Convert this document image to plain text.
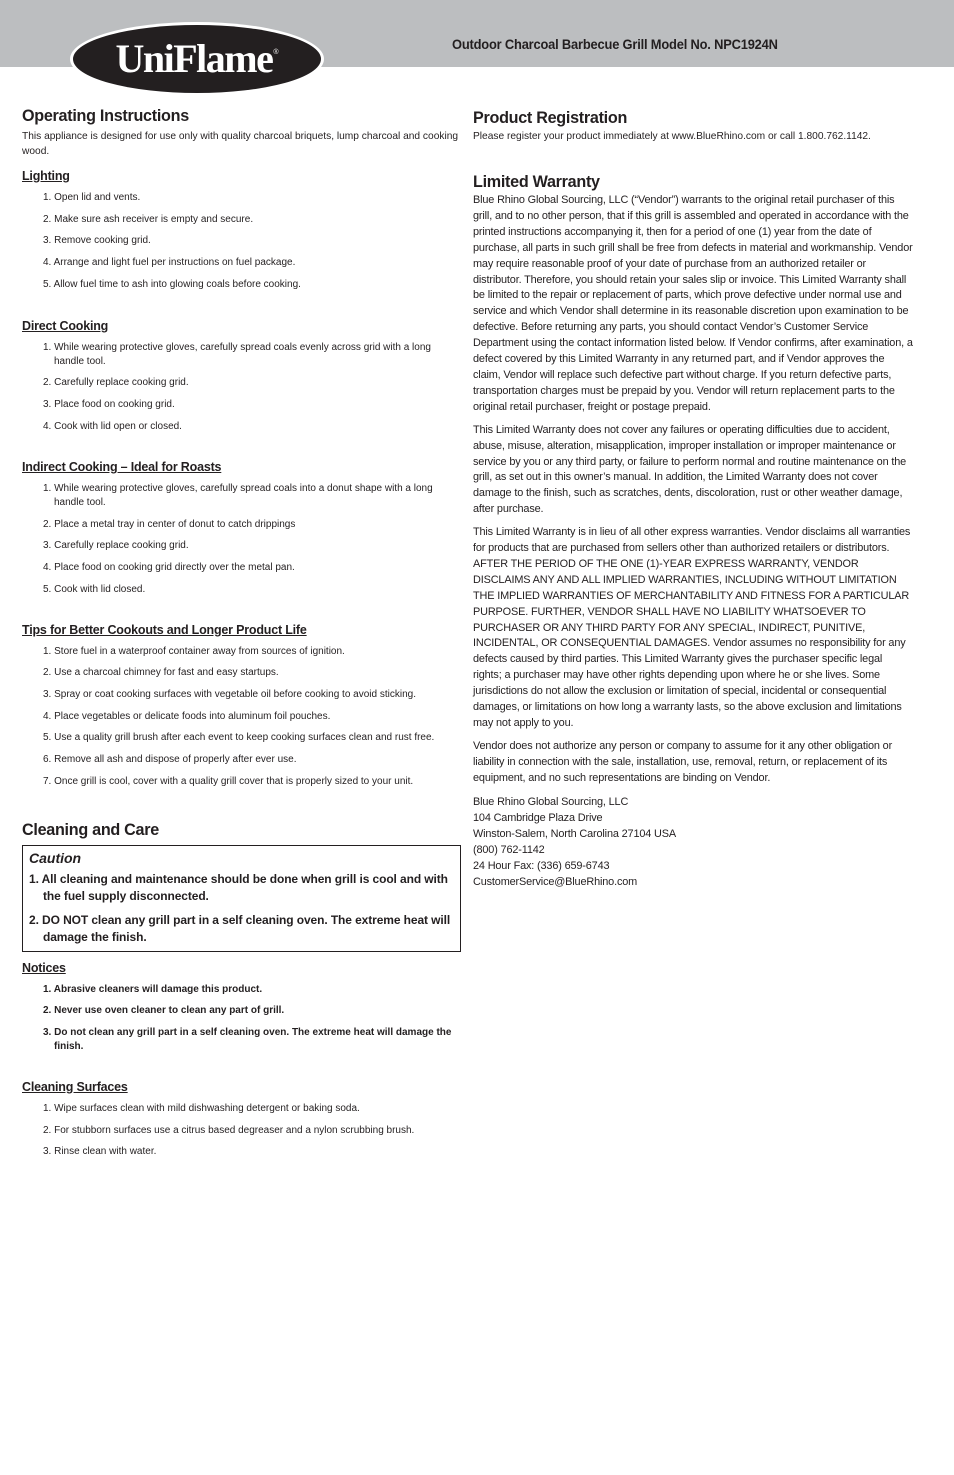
Outdoor Charcoal Barbecue Grill Model No. NPC1924N
UniFlame ®
Operating Instructions

This appliance is designed for use only with quality charcoal briquets, lump charcoal and cooking wood.

Lighting
1. Open lid and vents.
2. Make sure ash receiver is empty and secure.
3. Remove cooking grid.
4. Arrange and light fuel per instructions on fuel package.
5. Allow fuel time to ash into glowing coals before cooking.
Direct Cooking
1. While wearing protective gloves, carefully spread coals evenly across grid with a long handle tool.
2. Carefully replace cooking grid.
3. Place food on cooking grid.
4. Cook with lid open or closed.
Indirect Cooking – Ideal for Roasts
1. While wearing protective gloves, carefully spread coals into a donut shape with a long handle tool.
2. Place a metal tray in center of donut to catch drippings
3. Carefully replace cooking grid.
4. Place food on cooking grid directly over the metal pan.
5. Cook with lid closed.
Tips for Better Cookouts and Longer Product Life
1. Store fuel in a waterproof container away from sources of ignition.
2. Use a charcoal chimney for fast and easy startups.
3. Spray or coat cooking surfaces with vegetable oil before cooking to avoid sticking.
4. Place vegetables or delicate foods into aluminum foil pouches.
5. Use a quality grill brush after each event to keep cooking surfaces clean and rust free.
6. Remove all ash and dispose of properly after ever use.
7. Once grill is cool, cover with a quality grill cover that is properly sized to your unit.
Cleaning and Care

Caution

1. All cleaning and maintenance should be done when grill is cool and with the fuel supply disconnected.
2. DO NOT clean any grill part in a self cleaning oven. The extreme heat will damage the finish.
Notices
1. Abrasive cleaners will damage this product.
2. Never use oven cleaner to clean any part of grill.
3. Do not clean any grill part in a self cleaning oven. The extreme heat will damage the finish.
Cleaning Surfaces
1. Wipe surfaces clean with mild dishwashing detergent or baking soda.
2. For stubborn surfaces use a citrus based degreaser and a nylon scrubbing brush.
3. Rinse clean with water.
Product Registration

Please register your product immediately at www.BlueRhino.com or call 1.800.762.1142.

Limited Warranty

Blue Rhino Global Sourcing, LLC (“Vendor”) warrants to the original retail purchaser of this grill, and to no other person, that if this grill is assembled and operated in accordance with the printed instructions accompanying it, then for a period of one (1) year from the date of purchase, all parts in such grill shall be free from defects in material and workmanship. Vendor may require reasonable proof of your date of purchase from an authorized retailer or distributor. Therefore, you should retain your sales slip or invoice. This Limited Warranty shall be limited to the repair or replacement of parts, which prove defective under normal use and service and which Vendor shall determine in its reasonable discretion upon examination to be defective. Before returning any parts, you should contact Vendor’s Customer Service Department using the contact information listed below. If Vendor confirms, after examination, a defect covered by this Limited Warranty in any returned part, and if Vendor approves the claim, Vendor will replace such defective part without charge. If you return defective parts, transportation charges must be prepaid by you. Vendor will return replacement parts to the original retail purchaser, freight or postage prepaid.

This Limited Warranty does not cover any failures or operating difficulties due to accident, abuse, misuse, alteration, misapplication, improper installation or improper maintenance or service by you or any third party, or failure to perform normal and routine maintenance on the grill, as set out in this owner’s manual. In addition, the Limited Warranty does not cover damage to the finish, such as scratches, dents, discoloration, rust or other weather damage, after purchase.

This Limited Warranty is in lieu of all other express warranties. Vendor disclaims all warranties for products that are purchased from sellers other than authorized retailers or distributors. AFTER THE PERIOD OF THE ONE (1)-YEAR EXPRESS WARRANTY, VENDOR DISCLAIMS ANY AND ALL IMPLIED WARRANTIES, INCLUDING WITHOUT LIMITATION THE IMPLIED WARRANTIES OF MERCHANTABILITY AND FITNESS FOR A PARTICULAR PURPOSE. FURTHER, VENDOR SHALL HAVE NO LIABILITY WHATSOEVER TO PURCHASER OR ANY THIRD PARTY FOR ANY SPECIAL, INDIRECT, PUNITIVE, INCIDENTAL, OR CONSEQUENTIAL DAMAGES. Vendor assumes no responsibility for any defects caused by third parties. This Limited Warranty gives the purchaser specific legal rights; a purchaser may have other rights depending upon where he or she lives. Some jurisdictions do not allow the exclusion or limitation of special, incidental or consequential damages, or limitations on how long a warranty lasts, so the above exclusion and limitations may not apply to you.

Vendor does not authorize any person or company to assume for it any other obligation or liability in connection with the sale, installation, use, removal, return, or replacement of its equipment, and no such representations are binding on Vendor.

Blue Rhino Global Sourcing, LLC
104 Cambridge Plaza Drive
Winston-Salem, North Carolina 27104 USA
(800) 762-1142
24 Hour Fax: (336) 659-6743
CustomerService@BlueRhino.com
